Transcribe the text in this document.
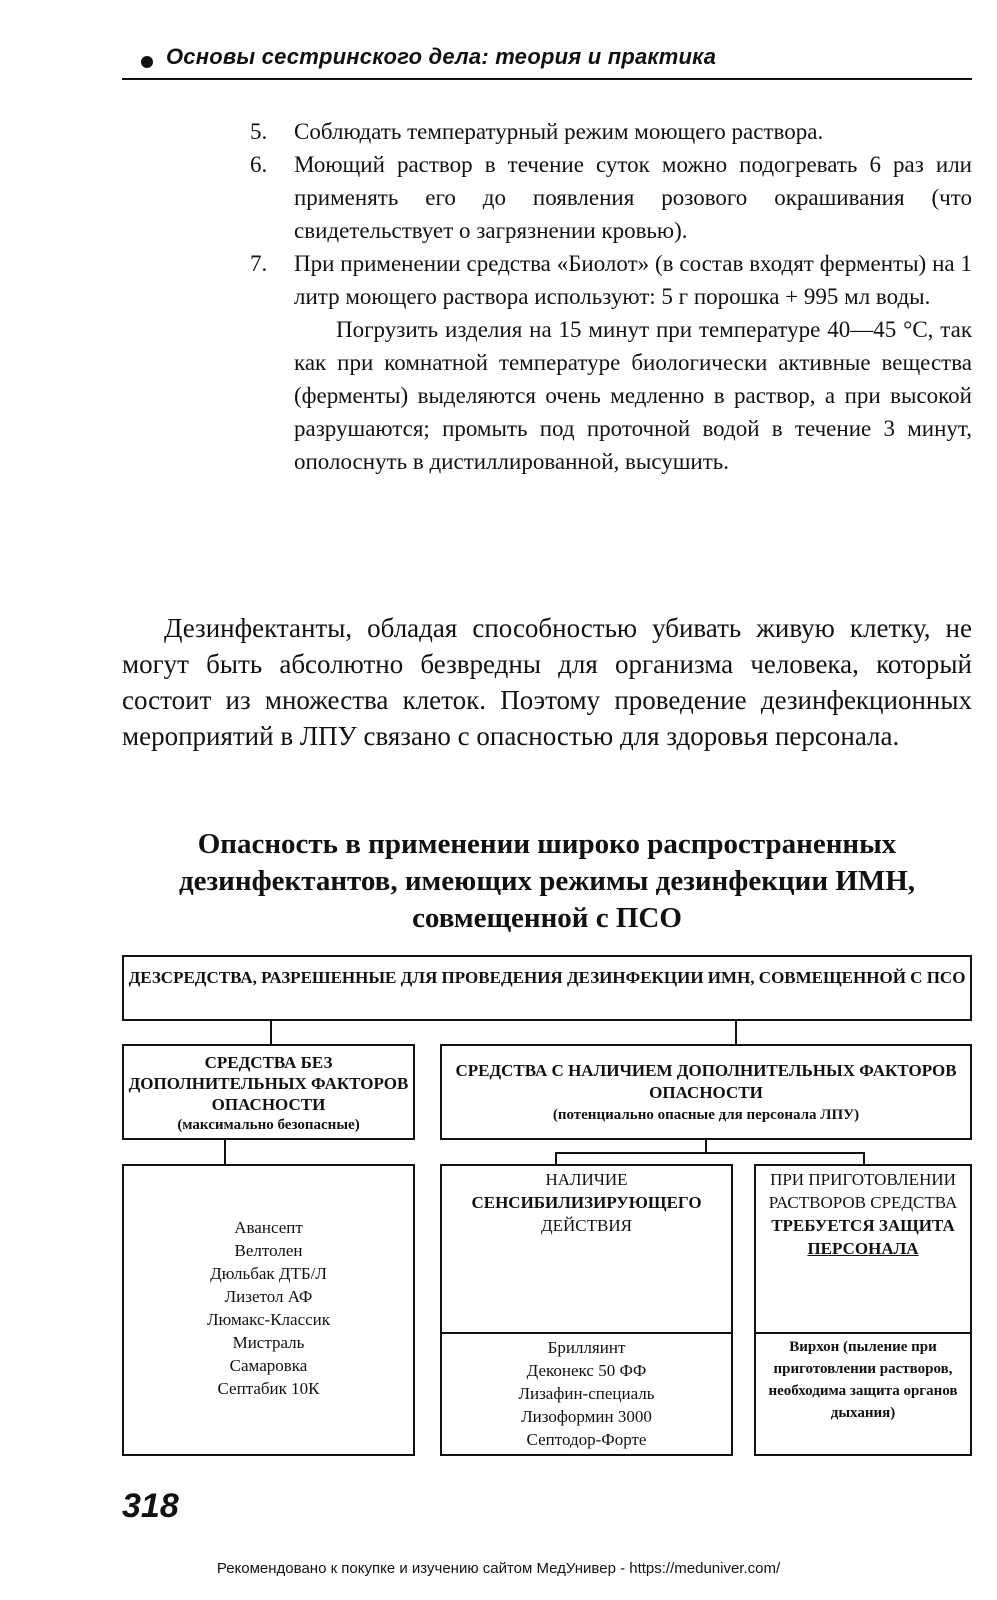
Основы сестринского дела: теория и практика
5.	Соблюдать температурный режим моющего раствора.
6.	Моющий раствор в течение суток можно подогревать 6 раз или применять его до появления розового окрашивания (что свидетельствует о загрязнении кровью).
7.	При применении средства «Биолот» (в состав входят ферменты) на 1 литр моющего раствора используют: 5 г порошка + 995 мл воды.
Погрузить изделия на 15 минут при температуре 40—45 °С, так как при комнатной температуре биологически активные вещества (ферменты) выделяются очень медленно в раствор, а при высокой разрушаются; промыть под проточной водой в течение 3 минут, ополоснуть в дистиллированной, высушить.
Дезинфектанты, обладая способностью убивать живую клетку, не могут быть абсолютно безвредны для организма человека, который состоит из множества клеток. Поэтому проведение дезинфекционных мероприятий в ЛПУ связано с опасностью для здоровья персонала.
Опасность в применении широко распространенных дезинфектантов, имеющих режимы дезинфекции ИМН, совмещенной с ПСО
ДЕЗСРЕДСТВА, РАЗРЕШЕННЫЕ ДЛЯ ПРОВЕДЕНИЯ ДЕЗИНФЕКЦИИ ИМН, СОВМЕЩЕННОЙ С ПСО
СРЕДСТВА БЕЗ ДОПОЛНИТЕЛЬНЫХ ФАКТОРОВ ОПАСНОСТИ
(максимально безопасные)
СРЕДСТВА С НАЛИЧИЕМ ДОПОЛНИТЕЛЬНЫХ ФАКТОРОВ ОПАСНОСТИ
(потенциально опасные для персонала ЛПУ)
Авансепт
Велтолен
Дюльбак ДТБ/Л
Лизетол АФ
Люмакс-Классик
Мистраль
Самаровка
Септабик 10К
НАЛИЧИЕ
СЕНСИБИЛИЗИРУЮЩЕГО
ДЕЙСТВИЯ
Брилляинт
Деконекс 50 ФФ
Лизафин-специаль
Лизоформин 3000
Септодор-Форте
ПРИ ПРИГОТОВЛЕНИИ РАСТВОРОВ СРЕДСТВА
ТРЕБУЕТСЯ ЗАЩИТА
ПЕРСОНАЛА
Вирхон (пыление при приготовлении растворов, необходима защита органов дыхания)
318
Рекомендовано к покупке и изучению сайтом МедУнивер - https://meduniver.com/
